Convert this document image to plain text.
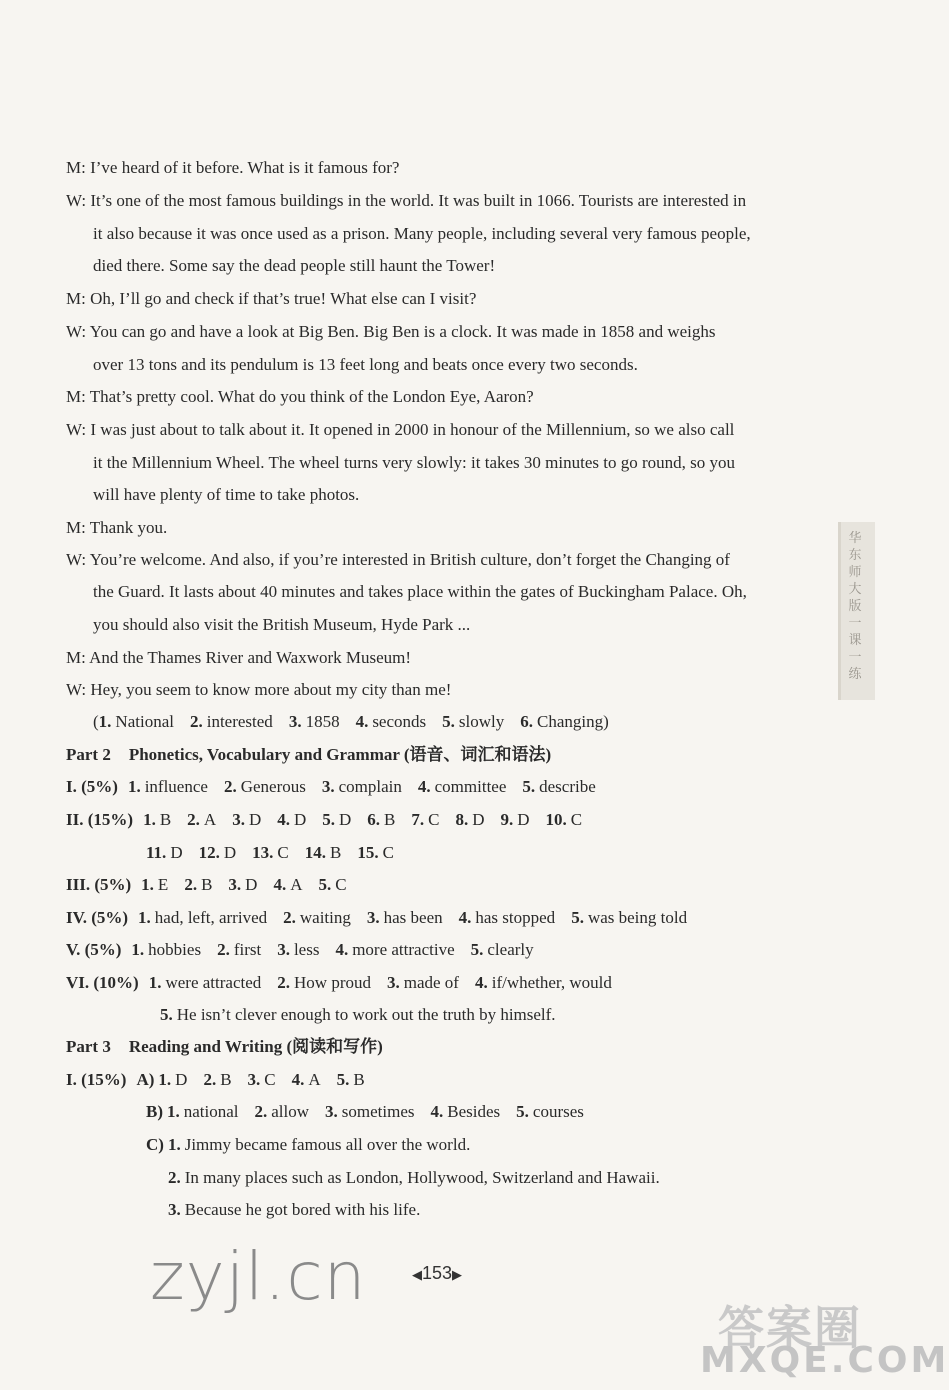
M: I’ve heard of it before. What is it famous for?
W: It’s one of the most famous buildings in the world. It was built in 1066. Tourists are interested in
it also because it was once used as a prison. Many people, including several very famous people,
died there. Some say the dead people still haunt the Tower!
M: Oh, I’ll go and check if that’s true! What else can I visit?
W: You can go and have a look at Big Ben. Big Ben is a clock. It was made in 1858 and weighs
over 13 tons and its pendulum is 13 feet long and beats once every two seconds.
M: That’s pretty cool. What do you think of the London Eye, Aaron?
W: I was just about to talk about it. It opened in 2000 in honour of the Millennium, so we also call
it the Millennium Wheel. The wheel turns very slowly: it takes 30 minutes to go round, so you
will have plenty of time to take photos.
M: Thank you.
W: You’re welcome. And also, if you’re interested in British culture, don’t forget the Changing of
the Guard. It lasts about 40 minutes and takes place within the gates of Buckingham Palace. Oh,
you should also visit the British Museum, Hyde Park ...
M: And the Thames River and Waxwork Museum!
W: Hey, you seem to know more about my city than me!
(1. National 2. interested 3. 1858 4. seconds 5. slowly 6. Changing)
Part 2 Phonetics, Vocabulary and Grammar (语音、词汇和语法)
I. (5%) 1. influence 2. Generous 3. complain 4. committee 5. describe
II. (15%) 1. B 2. A 3. D 4. D 5. D 6. B 7. C 8. D 9. D 10. C
11. D 12. D 13. C 14. B 15. C
III. (5%) 1. E 2. B 3. D 4. A 5. C
IV. (5%) 1. had, left, arrived 2. waiting 3. has been 4. has stopped 5. was being told
V. (5%) 1. hobbies 2. first 3. less 4. more attractive 5. clearly
VI. (10%) 1. were attracted 2. How proud 3. made of 4. if/whether, would
5. He isn’t clever enough to work out the truth by himself.
Part 3 Reading and Writing (阅读和写作)
I. (15%) A) 1. D 2. B 3. C 4. A 5. B
B) 1. national 2. allow 3. sometimes 4. Besides 5. courses
C) 1. Jimmy became famous all over the world.
2. In many places such as London, Hollywood, Switzerland and Hawaii.
3. Because he got bored with his life.
华东师大版一课一练
◀153▶
zyjl.cn
答案圈
MXQE.COM
